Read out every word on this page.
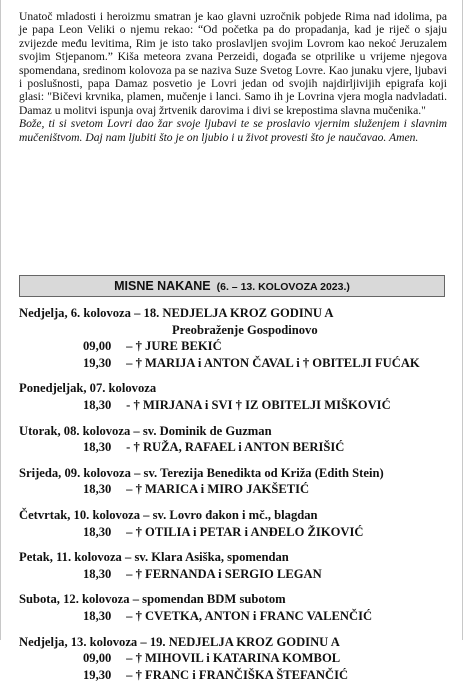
Unatoč mladosti i heroizmu smatran je kao glavni uzročnik pobjede Rima nad idolima, pa je papa Leon Veliki o njemu rekao: “Od početka pa do propadanja, kad je riječ o sjaju zvijezde među levitima, Rim je isto tako proslavljen svojim Lovrom kao nekoć Jeruzalem svojim Stjepanom.” Kiša meteora zvana Perzeidi, događa se otprilike u vrijeme njegova spomendana, sredinom kolovoza pa se naziva Suze Svetog Lovre. Kao junaku vjere, ljubavi i poslušnosti, papa Damaz posvetio je Lovri jedan od svojih najdirljivijih epigrafa koji glasi: "Bičevi krvnika, plamen, mučenje i lanci. Samo ih je Lovrina vjera mogla nadvladati. Damaz u molitvi ispunja ovaj žrtvenik darovima i divi se krepostima slavna mučenika."

Bože, ti si svetom Lovri dao žar svoje ljubavi te se proslavio vjernim služenjem i slavnim mučeništvom. Daj nam ljubiti što je on ljubio i u život provesti što je naučavao. Amen.

MISNE NAKANE (6. – 13. KOLOVOZA 2023.)
Nedjelja, 6. kolovoza – 18. NEDJELJA KROZ GODINU A
Preobraženje Gospodinovo
09,00 – † JURE BEKIĆ
19,30 – † MARIJA i ANTON ČAVAL i † OBITELJI FUĆAK
Ponedjeljak, 07. kolovoza
18,30 - † MIRJANA i SVI † IZ OBITELJI MIŠKOVIĆ
Utorak, 08. kolovoza – sv. Dominik de Guzman
18,30 - † RUŽA, RAFAEL i ANTON BERIŠIĆ
Srijeda, 09. kolovoza – sv. Terezija Benedikta od Križa (Edith Stein)
18,30 – † MARICA i MIRO JAKŠETIĆ
Četvrtak, 10. kolovoza – sv. Lovro đakon i mč., blagdan
18,30 – † OTILIA i PETAR i ANĐELO ŽIKOVIĆ
Petak, 11. kolovoza – sv. Klara Asiška, spomendan
18,30 – † FERNANDA i SERGIO LEGAN
Subota, 12. kolovoza – spomendan BDM subotom
18,30 – † CVETKA, ANTON i FRANC VALENČIĆ
Nedjelja, 13. kolovoza – 19. NEDJELJA KROZ GODINU A
09,00 – † MIHOVIL i KATARINA KOMBOL
19,30 – † FRANC i FRANČIŠKA ŠTEFANČIĆ
